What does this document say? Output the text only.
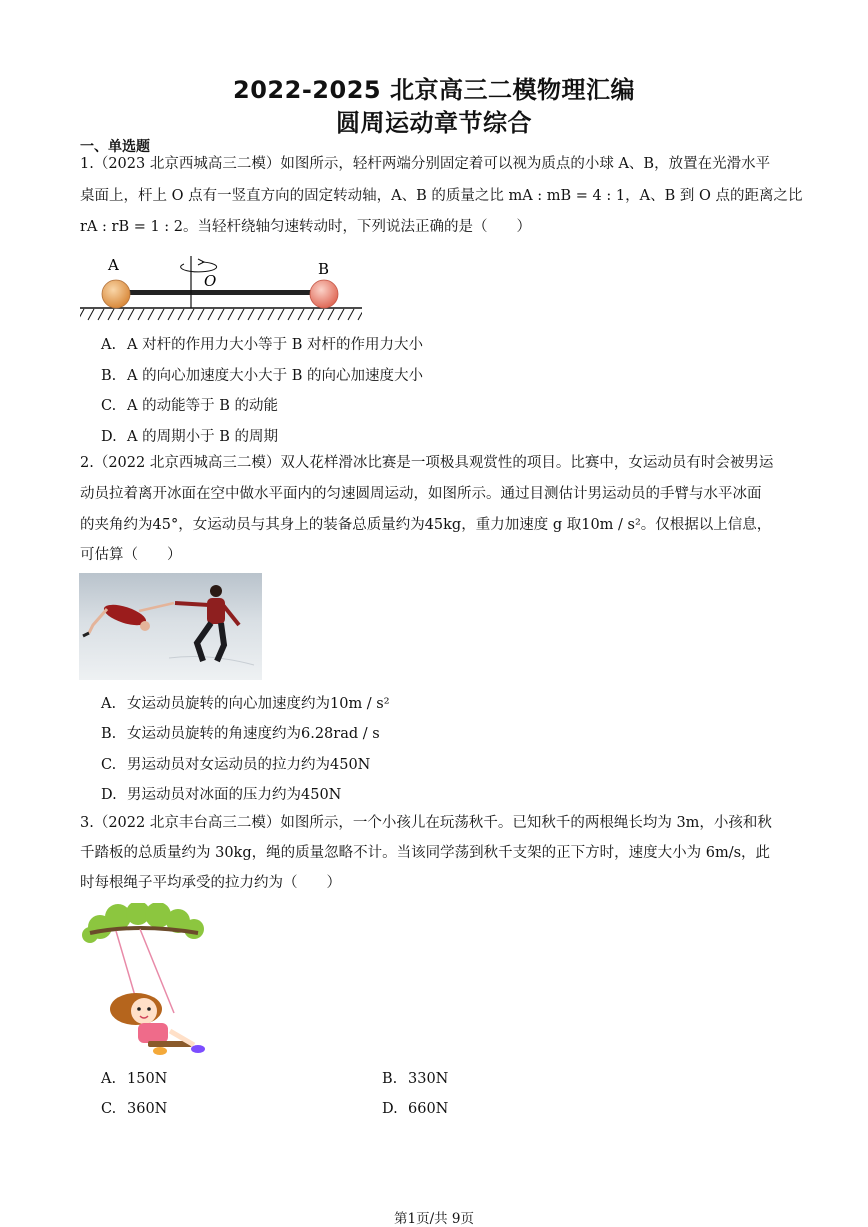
2022-2025 北京高三二模物理汇编
圆周运动章节综合
一、单选题
1.（2023 北京西城高三二模）如图所示，轻杆两端分别固定着可以视为质点的小球 A、B，放置在光滑水平
桌面上，杆上 O 点有一竖直方向的固定转动轴，A、B 的质量之比 mA : mB = 4 : 1，A、B 到 O 点的距离之比
rA : rB = 1 : 2。当轻杆绕轴匀速转动时，下列说法正确的是（　　）
A	B
O
A. A 对杆的作用力大小等于 B 对杆的作用力大小
B. A 的向心加速度大小大于 B 的向心加速度大小
C. A 的动能等于 B 的动能
D. A 的周期小于 B 的周期
2.（2022 北京西城高三二模）双人花样滑冰比赛是一项极具观赏性的项目。比赛中，女运动员有时会被男运
动员拉着离开冰面在空中做水平面内的匀速圆周运动，如图所示。通过目测估计男运动员的手臂与水平冰面
的夹角约为45°，女运动员与其身上的装备总质量约为45kg，重力加速度 g 取10m / s²。仅根据以上信息，
可估算（　　）
A. 女运动员旋转的向心加速度约为10m / s²
B. 女运动员旋转的角速度约为6.28rad / s
C. 男运动员对女运动员的拉力约为450N
D. 男运动员对冰面的压力约为450N
3.（2022 北京丰台高三二模）如图所示，一个小孩儿在玩荡秋千。已知秋千的两根绳长均为 3m，小孩和秋
千踏板的总质量约为 30kg，绳的质量忽略不计。当该同学荡到秋千支架的正下方时，速度大小为 6m/s，此
时每根绳子平均承受的拉力约为（　　）
A. 150N	B. 330N
C. 360N	D. 660N
第1页/共 9页
